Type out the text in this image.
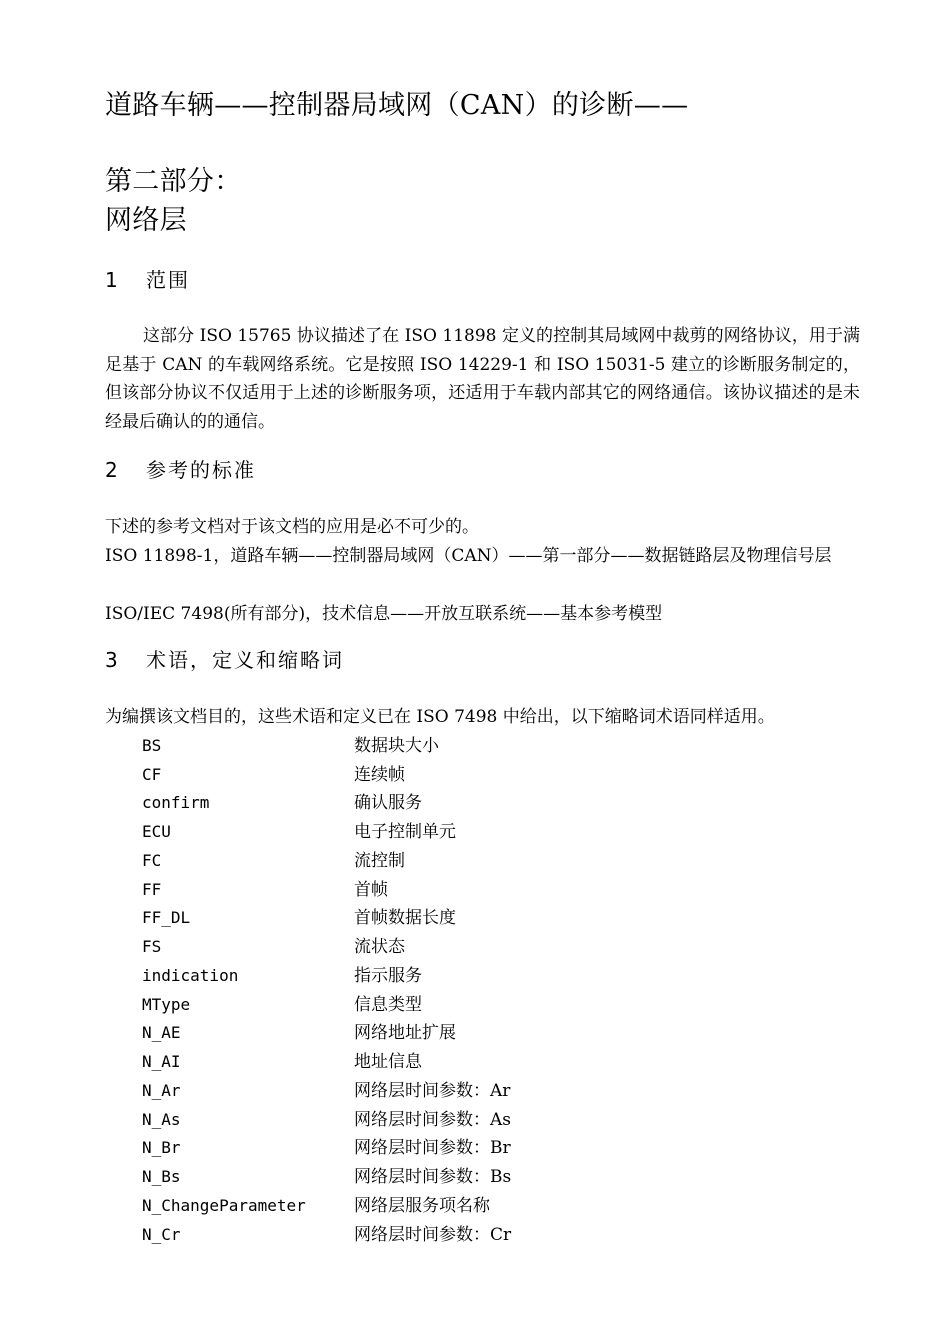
道路车辆——控制器局域网（CAN）的诊断——
第二部分：
网络层
1 范围
这部分 ISO 15765 协议描述了在 ISO 11898 定义的控制其局域网中裁剪的网络协议，用于满足基于 CAN 的车载网络系统。它是按照 ISO 14229-1 和 ISO 15031-5 建立的诊断服务制定的，但该部分协议不仅适用于上述的诊断服务项，还适用于车载内部其它的网络通信。该协议描述的是未经最后确认的的通信。
2 参考的标准
下述的参考文档对于该文档的应用是必不可少的。
ISO 11898-1，道路车辆——控制器局域网（CAN）——第一部分——数据链路层及物理信号层
ISO/IEC 7498(所有部分)，技术信息——开放互联系统——基本参考模型
3 术语，定义和缩略词
为编撰该文档目的，这些术语和定义已在 ISO 7498 中给出，以下缩略词术语同样适用。
BS	数据块大小
CF	连续帧
confirm	确认服务
ECU	电子控制单元
FC	流控制
FF	首帧
FF_DL	首帧数据长度
FS	流状态
indication	指示服务
MType	信息类型
N_AE	网络地址扩展
N_AI	地址信息
N_Ar	网络层时间参数：Ar
N_As	网络层时间参数：As
N_Br	网络层时间参数：Br
N_Bs	网络层时间参数：Bs
N_ChangeParameter	网络层服务项名称
N_Cr	网络层时间参数：Cr
